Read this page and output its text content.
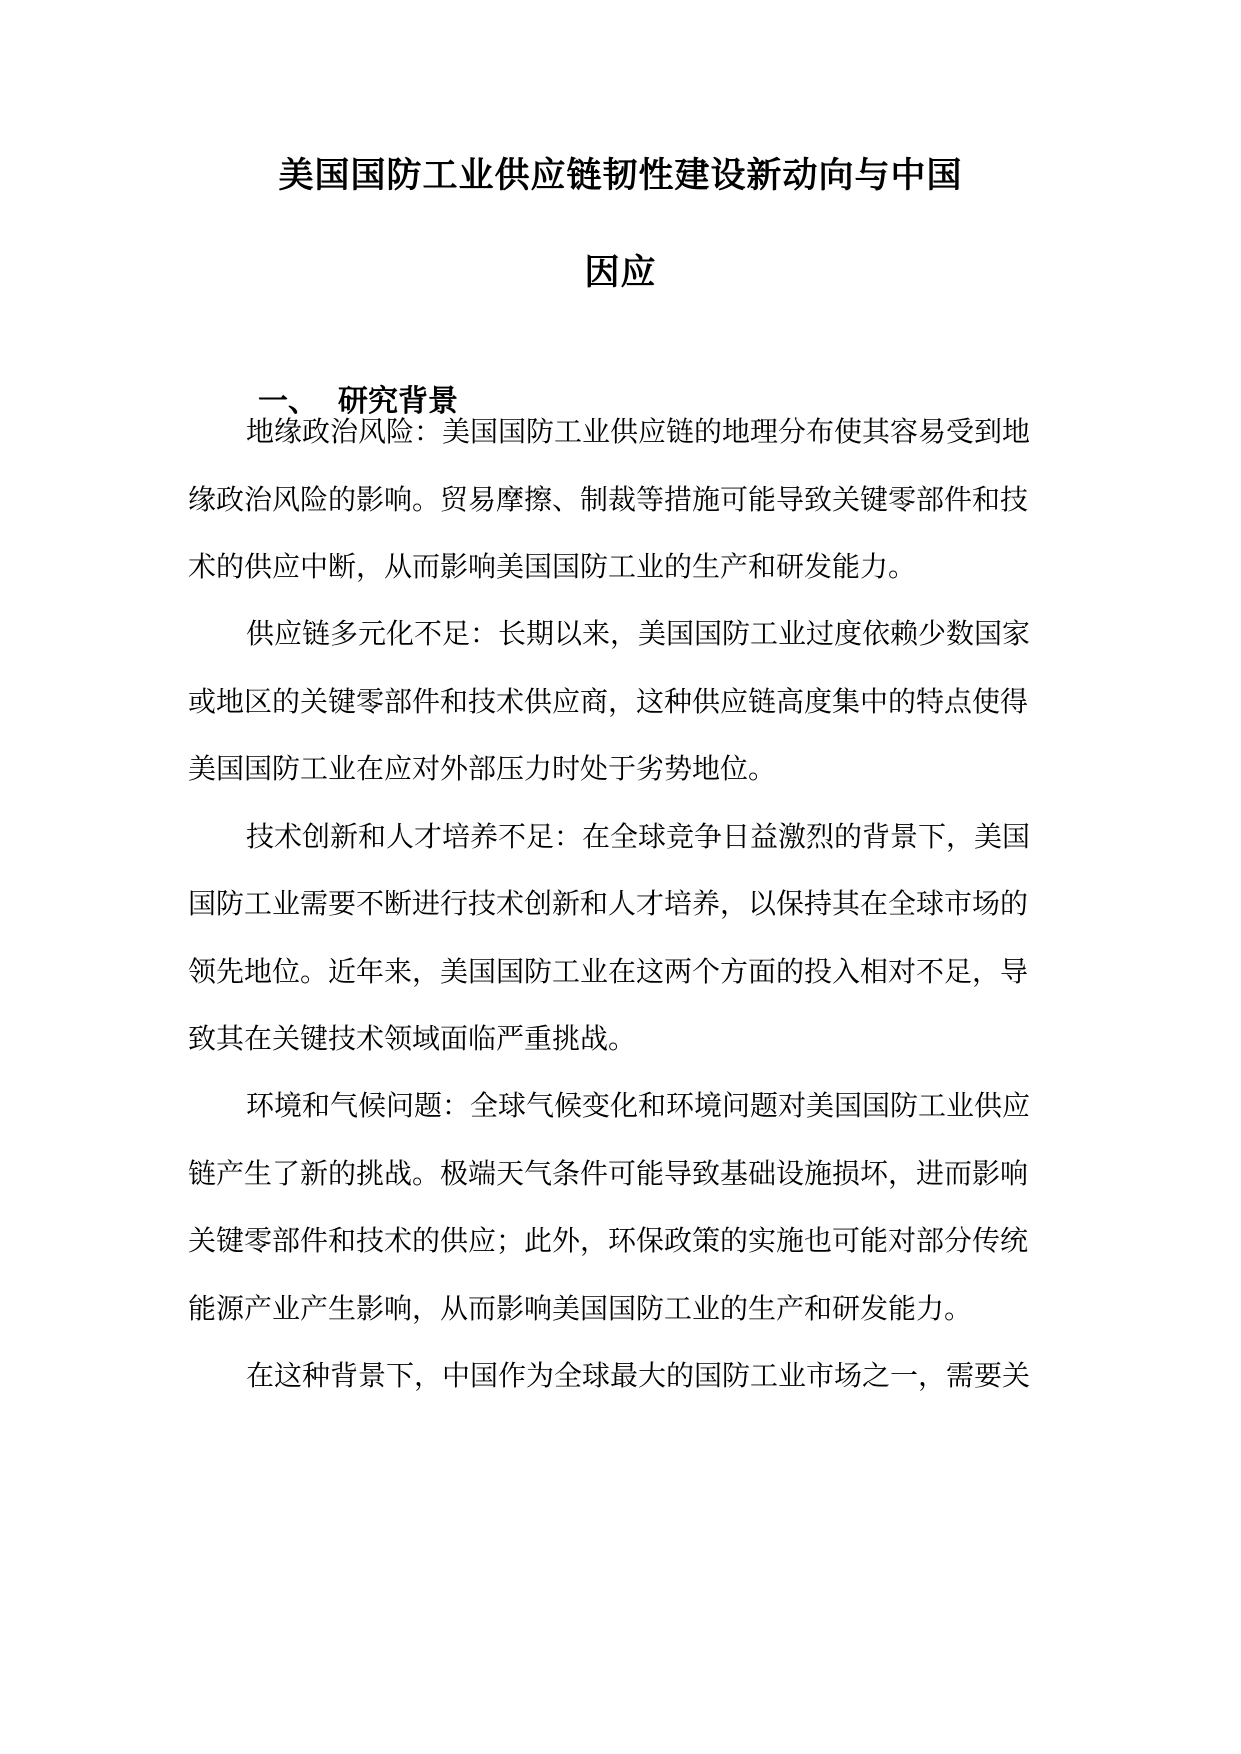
美国国防工业供应链韧性建设新动向与中国
因应
一、 研究背景

地缘政治风险：美国国防工业供应链的地理分布使其容易受到地

缘政治风险的影响。贸易摩擦、制裁等措施可能导致关键零部件和技

术的供应中断，从而影响美国国防工业的生产和研发能力。

供应链多元化不足：长期以来，美国国防工业过度依赖少数国家

或地区的关键零部件和技术供应商，这种供应链高度集中的特点使得

美国国防工业在应对外部压力时处于劣势地位。

技术创新和人才培养不足：在全球竞争日益激烈的背景下，美国

国防工业需要不断进行技术创新和人才培养，以保持其在全球市场的

领先地位。近年来，美国国防工业在这两个方面的投入相对不足，导

致其在关键技术领域面临严重挑战。

环境和气候问题：全球气候变化和环境问题对美国国防工业供应

链产生了新的挑战。极端天气条件可能导致基础设施损坏，进而影响

关键零部件和技术的供应；此外，环保政策的实施也可能对部分传统

能源产业产生影响，从而影响美国国防工业的生产和研发能力。

在这种背景下，中国作为全球最大的国防工业市场之一，需要关
